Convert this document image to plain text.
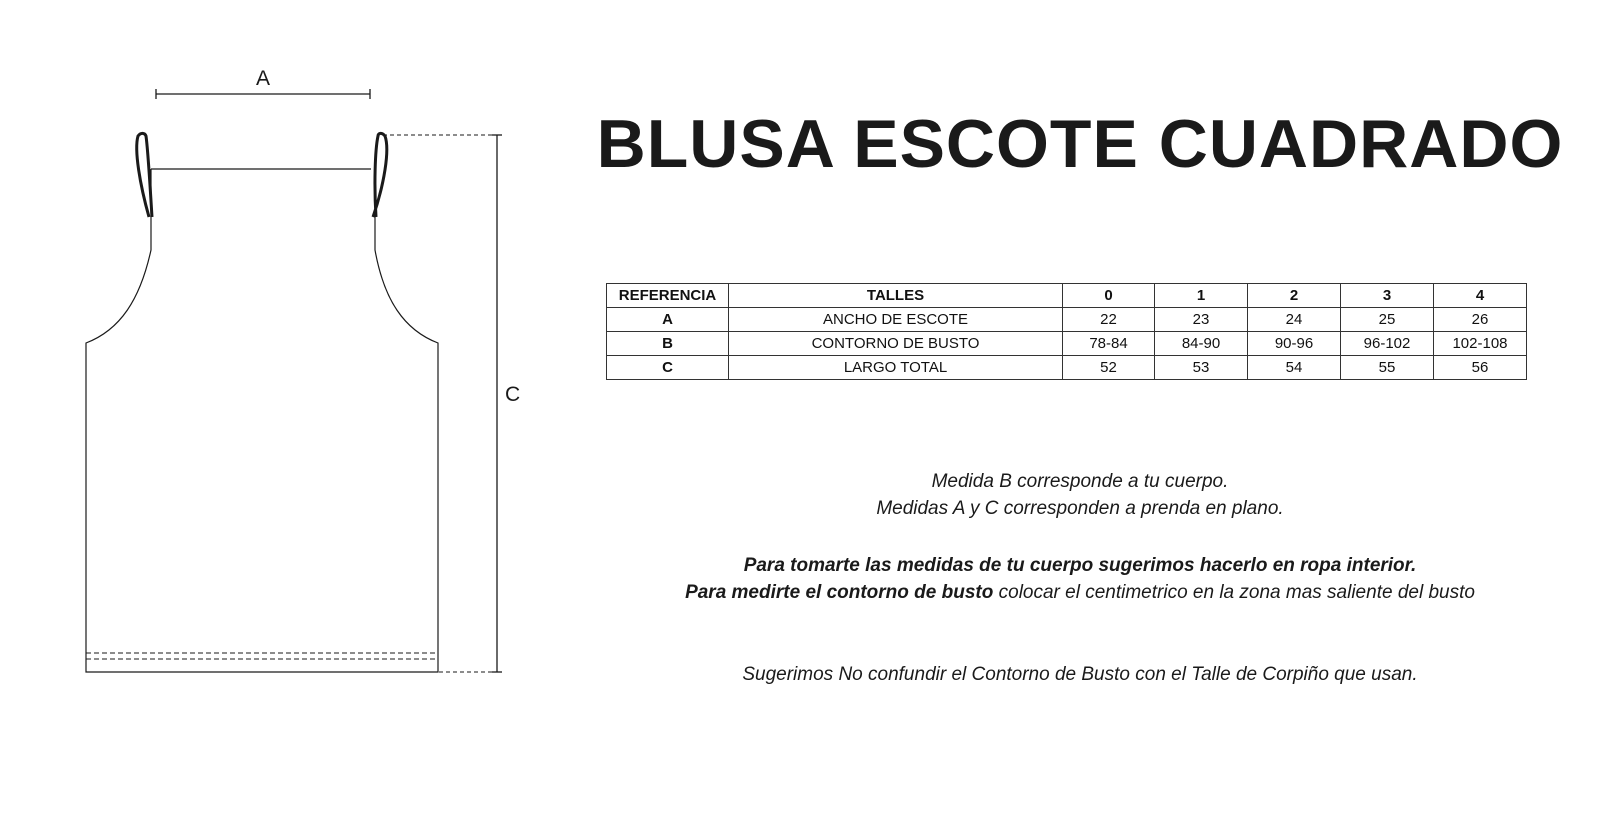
A
C
BLUSA ESCOTE CUADRADO
REFERENCIA	TALLES	0	1	2	3	4
A	ANCHO DE ESCOTE	22	23	24	25	26
B	CONTORNO DE BUSTO	78-84	84-90	90-96	96-102	102-108
C	LARGO TOTAL	52	53	54	55	56

Medida B corresponde a tu cuerpo.

Medidas A y C corresponden a prenda en plano.

Para tomarte las medidas de tu cuerpo sugerimos hacerlo en ropa interior.

Para medirte el contorno de busto colocar el centimetrico en la zona mas saliente del busto

Sugerimos No confundir el Contorno de Busto con el Talle de Corpiño que usan.
